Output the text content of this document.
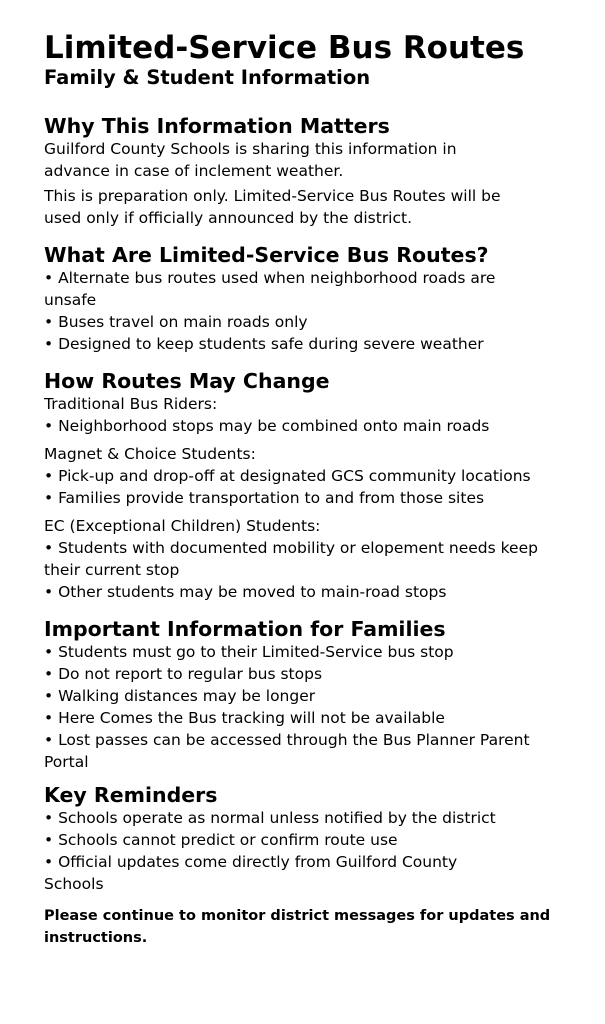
Limited-Service Bus Routes
Family & Student Information
Why This Information Matters

Guilford County Schools is sharing this information in advance in case of inclement weather.

This is preparation only. Limited-Service Bus Routes will be used only if officially announced by the district.

What Are Limited-Service Bus Routes?
• Alternate bus routes used when neighborhood roads are unsafe
• Buses travel on main roads only
• Designed to keep students safe during severe weather
How Routes May Change
Traditional Bus Riders:
• Neighborhood stops may be combined onto main roads
Magnet & Choice Students:
• Pick-up and drop-off at designated GCS community locations
• Families provide transportation to and from those sites
EC (Exceptional Children) Students:
• Students with documented mobility or elopement needs keep their current stop
• Other students may be moved to main-road stops
Important Information for Families
• Students must go to their Limited-Service bus stop
• Do not report to regular bus stops
• Walking distances may be longer
• Here Comes the Bus tracking will not be available
• Lost passes can be accessed through the Bus Planner Parent Portal
Key Reminders
• Schools operate as normal unless notified by the district
• Schools cannot predict or confirm route use
• Official updates come directly from Guilford County Schools

Please continue to monitor district messages for updates and instructions.
